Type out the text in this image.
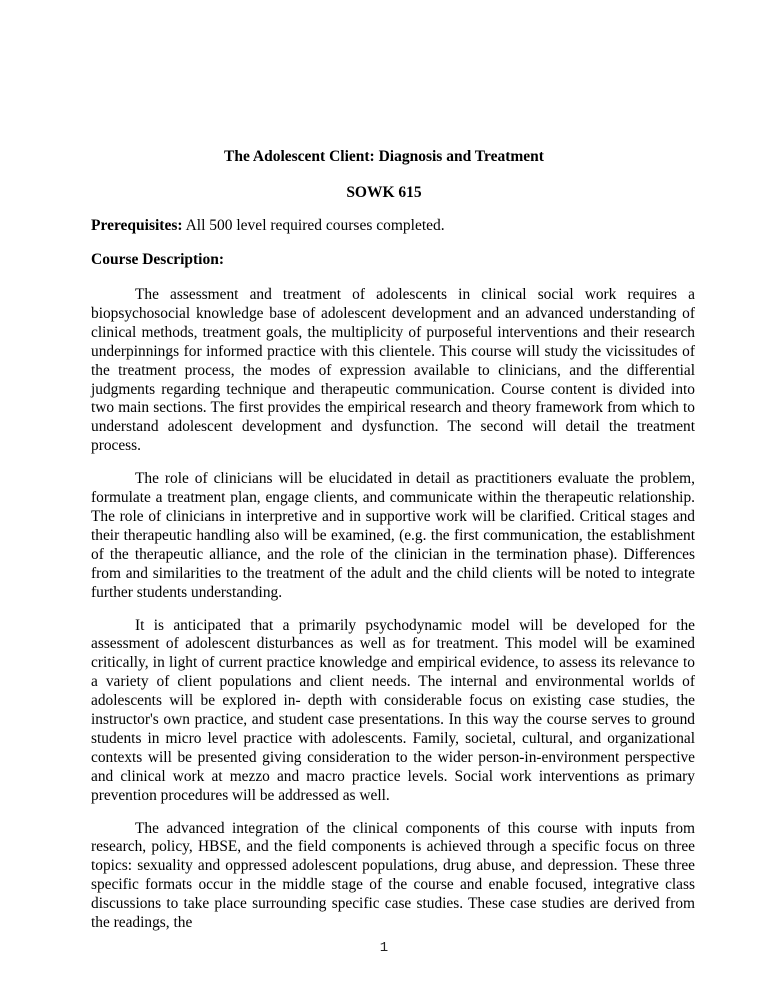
The Adolescent Client: Diagnosis and Treatment
SOWK 615
Prerequisites: All 500 level required courses completed.
Course Description:

The assessment and treatment of adolescents in clinical social work requires a biopsychosocial knowledge base of adolescent development and an advanced understanding of clinical methods, treatment goals, the multiplicity of purposeful interventions and their research underpinnings for informed practice with this clientele. This course will study the vicissitudes of the treatment process, the modes of expression available to clinicians, and the differential judgments regarding technique and therapeutic communication. Course content is divided into two main sections. The first provides the empirical research and theory framework from which to understand adolescent development and dysfunction. The second will detail the treatment process.

The role of clinicians will be elucidated in detail as practitioners evaluate the problem, formulate a treatment plan, engage clients, and communicate within the therapeutic relationship. The role of clinicians in interpretive and in supportive work will be clarified. Critical stages and their therapeutic handling also will be examined, (e.g. the first communication, the establishment of the therapeutic alliance, and the role of the clinician in the termination phase). Differences from and similarities to the treatment of the adult and the child clients will be noted to integrate further students understanding.

It is anticipated that a primarily psychodynamic model will be developed for the assessment of adolescent disturbances as well as for treatment. This model will be examined critically, in light of current practice knowledge and empirical evidence, to assess its relevance to a variety of client populations and client needs. The internal and environmental worlds of adolescents will be explored in- depth with considerable focus on existing case studies, the instructor's own practice, and student case presentations. In this way the course serves to ground students in micro level practice with adolescents. Family, societal, cultural, and organizational contexts will be presented giving consideration to the wider person-in-environment perspective and clinical work at mezzo and macro practice levels. Social work interventions as primary prevention procedures will be addressed as well.

The advanced integration of the clinical components of this course with inputs from research, policy, HBSE, and the field components is achieved through a specific focus on three topics: sexuality and oppressed adolescent populations, drug abuse, and depression. These three specific formats occur in the middle stage of the course and enable focused, integrative class discussions to take place surrounding specific case studies. These case studies are derived from the readings, the

1
